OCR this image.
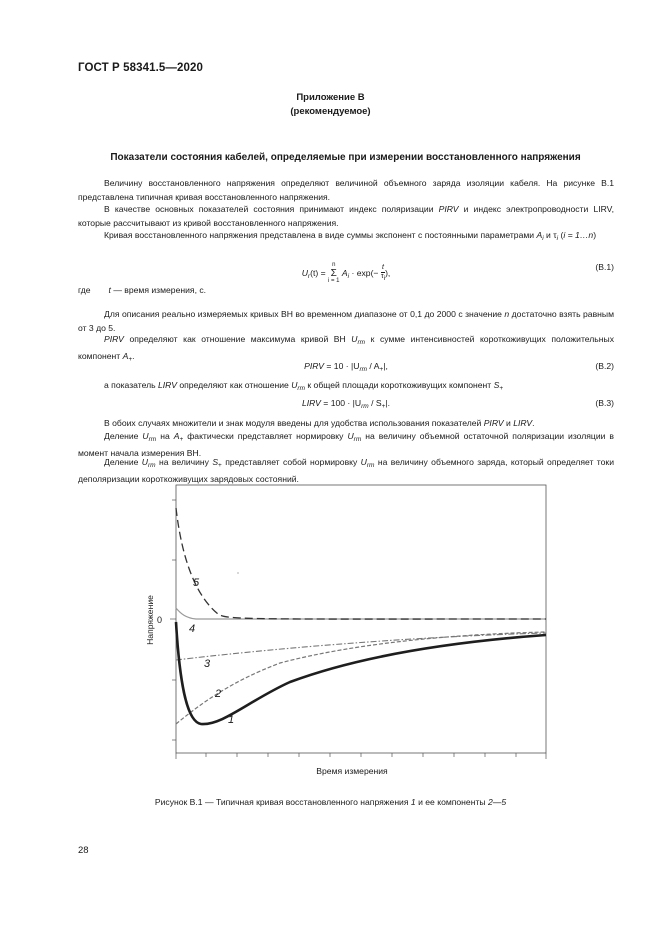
ГОСТ Р 58341.5—2020
Приложение В
(рекомендуемое)
Показатели состояния кабелей, определяемые при измерении восстановленного напряжения
Величину восстановленного напряжения определяют величиной объемного заряда изоляции кабеля. На рисунке В.1 представлена типичная кривая восстановленного напряжения.
В качестве основных показателей состояния принимают индекс поляризации PIRV и индекс электропроводности LIRV, которые рассчитывают из кривой восстановленного напряжения.
Кривая восстановленного напряжения представлена в виде суммы экспонент с постоянными параметрами $A_i$ и $\tau_i$ (i = 1…n)
$U_r(t)$ =
n
Σ
i = 1
$A_i \cdot \exp(- \frac{t}{\tau_i}$ ),
(В.1)
где t — время измерения, с.
Для описания реально измеряемых кривых ВН во временном диапазоне от 0,1 до 2000 с значение n достаточно взять равным от 3 до 5.
PIRV определяют как отношение максимума кривой ВН $U_{rm}$ к сумме интенсивностей короткоживущих положительных компонент $A_+$.
PIRV = $10 \cdot |U_{rm} / A_+|$,	(В.2)
а показатель LIRV определяют как отношение $U_{rm}$ к общей площади короткоживущих компонент $S_+$
LIRV = $100 \cdot |U_{rm} / S_+|$.	(В.3)
В обоих случаях множители и знак модуля введены для удобства использования показателей PIRV и LIRV.
Деление $U_{rm}$ на $A_+$ фактически представляет нормировку $U_{rm}$ на величину объемной остаточной поляризации изоляции в момент начала измерения ВН.
Деление $U_{rm}$ на величину $S_+$ представляет собой нормировку $U_{rm}$ на величину объемного заряда, который определяет токи деполяризации короткоживущих зарядовых состояний.
0
Напряжение
Время измерения
1
2
3
4
5
Рисунок В.1 — Типичная кривая восстановленного напряжения 1 и ее компоненты 2—5
28
